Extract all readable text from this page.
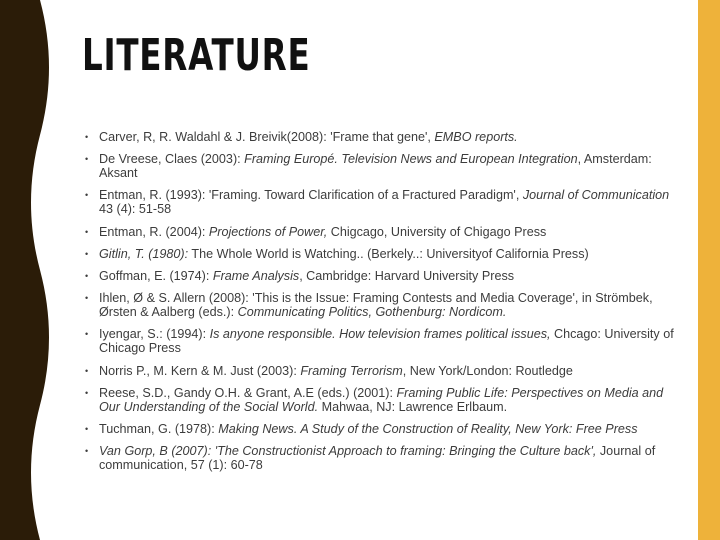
LITERATURE
• Carver, R, R. Waldahl & J. Breivik(2008): 'Frame that gene', EMBO reports.
• De Vreese, Claes (2003): Framing Europé. Television News and European Integration, Amsterdam: Aksant
• Entman, R. (1993): 'Framing. Toward Clarification of a Fractured Paradigm', Journal of Communication 43 (4): 51-58
• Entman, R. (2004): Projections of Power, Chigcago, University of Chigago Press
• Gitlin, T. (1980): The Whole World is Watching.. (Berkely..: Universityof California Press)
• Goffman, E. (1974): Frame Analysis, Cambridge: Harvard University Press
• Ihlen, Ø & S. Allern (2008): 'This is the Issue: Framing Contests and Media Coverage', in Strömbek, Ørsten & Aalberg (eds.): Communicating Politics, Gothenburg: Nordicom.
• Iyengar, S.: (1994): Is anyone responsible. How television frames political issues, Chcago: University of Chicago Press
• Norris P., M. Kern & M. Just (2003): Framing Terrorism, New York/London: Routledge
• Reese, S.D., Gandy O.H. & Grant, A.E (eds.) (2001): Framing Public Life: Perspectives on Media and Our Understanding of the Social World. Mahwaa, NJ: Lawrence Erlbaum.
• Tuchman, G. (1978): Making News. A Study of the Construction of Reality, New York: Free Press
• Van Gorp, B (2007): 'The Constructionist Approach to framing: Bringing the Culture back', Journal of communication, 57 (1): 60-78
